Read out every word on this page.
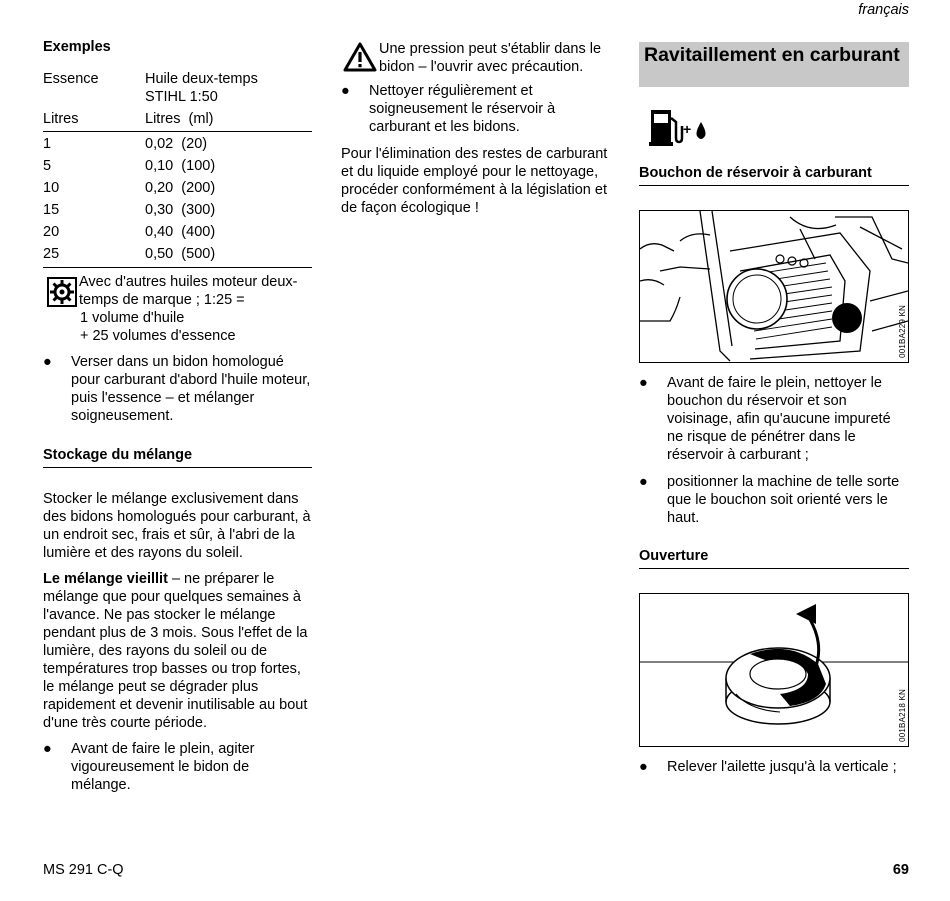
français
Exemples
Essence	Huile deux-temps
STIHL 1:50

Litres	Litres (ml)
1	0,02 (20)
5	0,10 (100)
10	0,20 (200)
15	0,30 (300)
20	0,40 (400)
25	0,50 (500)
Avec d'autres huiles moteur deux-
temps de marque ; 1:25 =
1 volume d'huile
+ 25 volumes d'essence
● Verser dans un bidon homologué pour carburant d'abord l'huile moteur, puis l'essence – et mélanger soigneusement.

Stockage du mélange

Stocker le mélange exclusivement dans des bidons homologués pour carburant, à un endroit sec, frais et sûr, à l'abri de la lumière et des rayons du soleil.

Le mélange vieillit – ne préparer le mélange que pour quelques semaines à l'avance. Ne pas stocker le mélange pendant plus de 3 mois. Sous l'effet de la lumière, des rayons du soleil ou de températures trop basses ou trop fortes, le mélange peut se dégrader plus rapidement et devenir inutilisable au bout d'une très courte période.

● Avant de faire le plein, agiter vigoureusement le bidon de mélange.

Une pression peut s'établir dans le bidon – l'ouvrir avec précaution.

● Nettoyer régulièrement et soigneusement le réservoir à carburant et les bidons.

Pour l'élimination des restes de carburant et du liquide employé pour le nettoyage, procéder conformément à la législation et de façon écologique !

Ravitaillement en carburant
+
Bouchon de réservoir à carburant
001BA229 KN
● Avant de faire le plein, nettoyer le bouchon du réservoir et son voisinage, afin qu'aucune impureté ne risque de pénétrer dans le réservoir à carburant ;

● positionner la machine de telle sorte que le bouchon soit orienté vers le haut.

Ouverture
001BA218 KN
● Relever l'ailette jusqu'à la verticale ;

MS 291 C-Q	69
